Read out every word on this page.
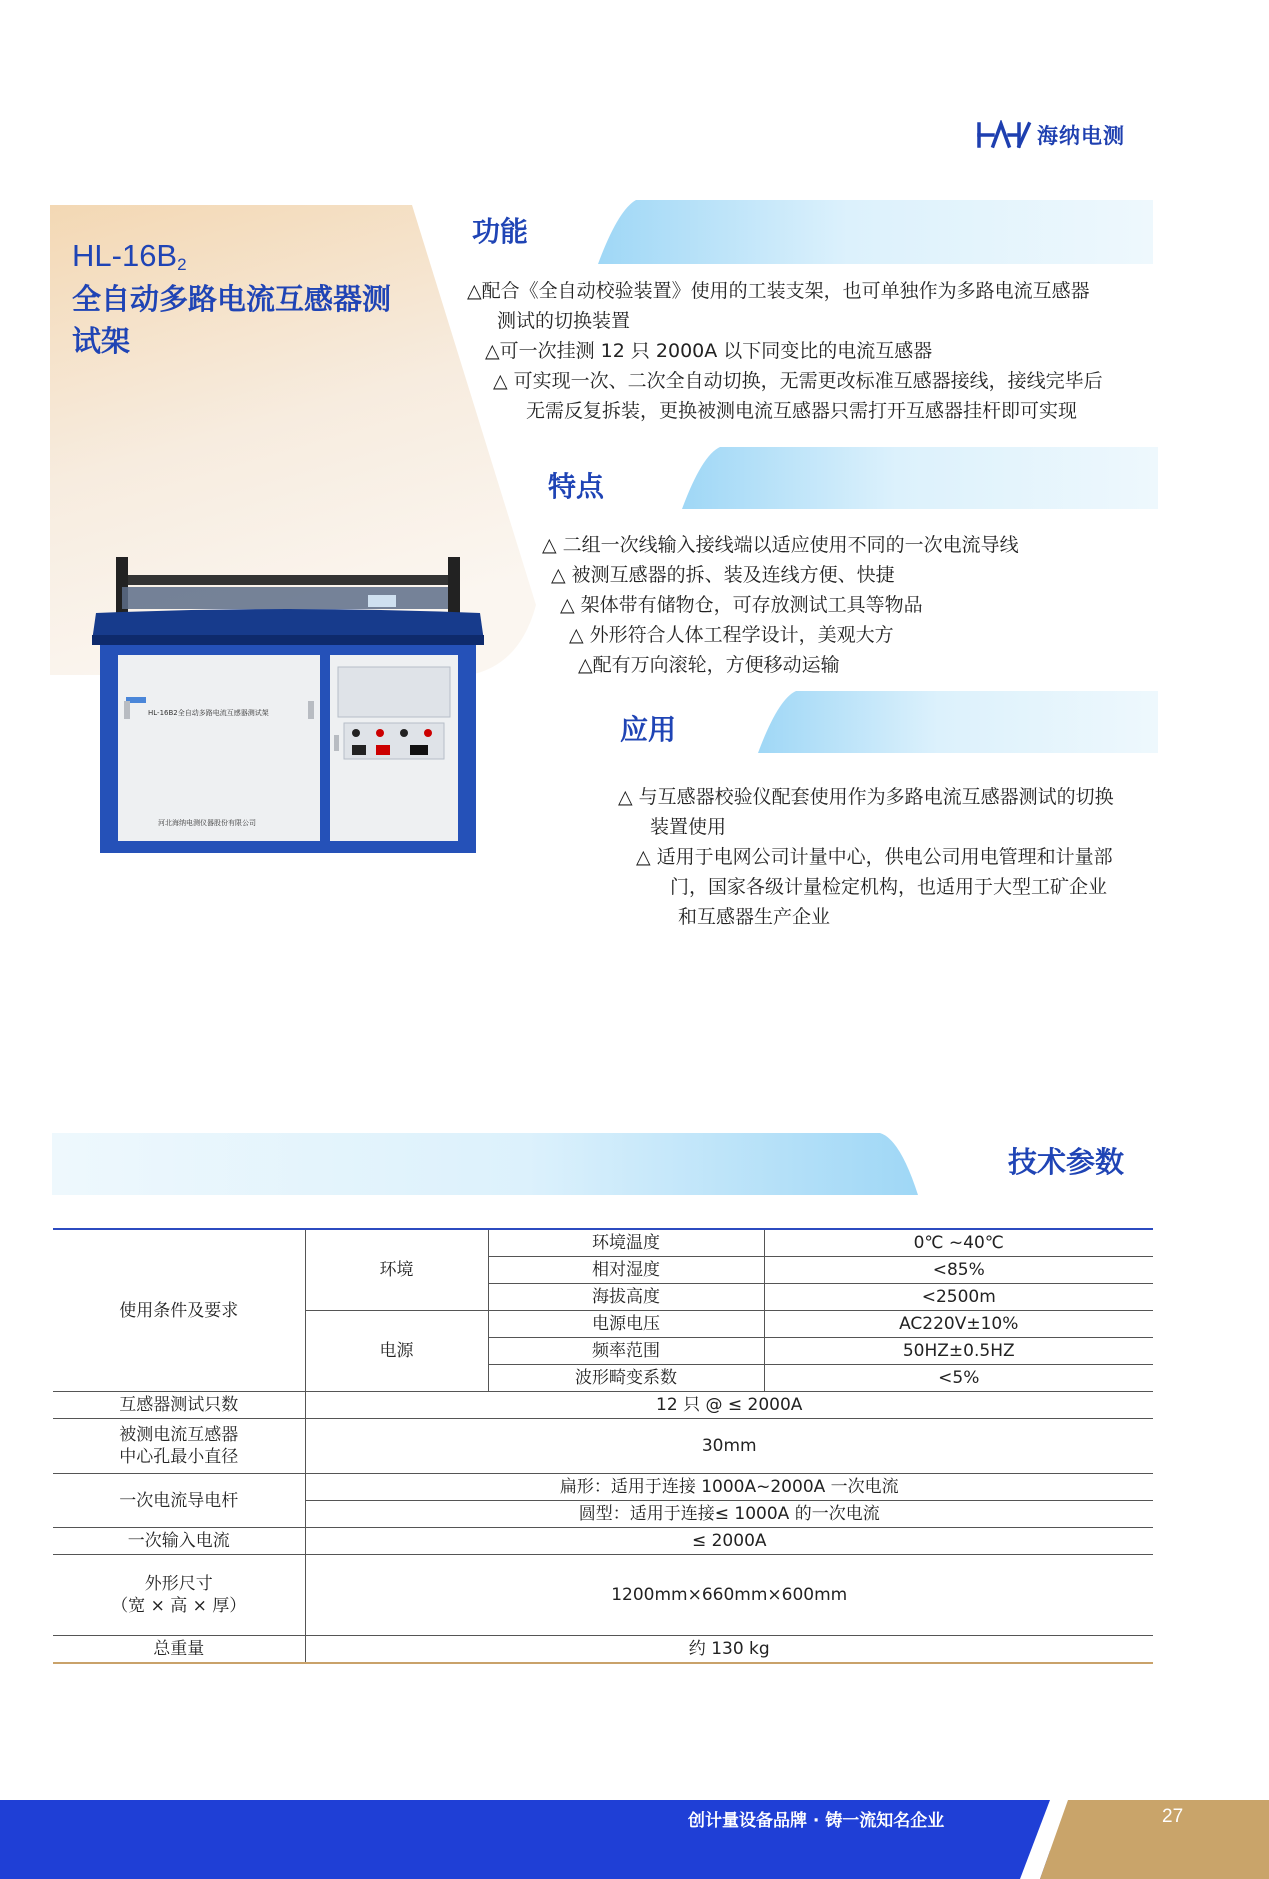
海纳电测
$HL-16B_2$
全自动多路电流互感器测试架
HL-16B2全自动多路电流互感器测试架
河北海纳电测仪器股份有限公司
功能
△配合《全自动校验装置》使用的工装支架，也可单独作为多路电流互感器
测试的切换装置
△可一次挂测 12 只 2000A 以下同变比的电流互感器
△ 可实现一次、二次全自动切换，无需更改标准互感器接线，接线完毕后
无需反复拆装，更换被测电流互感器只需打开互感器挂杆即可实现
特点
△ 二组一次线输入接线端以适应使用不同的一次电流导线
△ 被测互感器的拆、装及连线方便、快捷
△ 架体带有储物仓，可存放测试工具等物品
△ 外形符合人体工程学设计，美观大方
△配有万向滚轮，方便移动运输
应用
△ 与互感器校验仪配套使用作为多路电流互感器测试的切换
装置使用
△ 适用于电网公司计量中心，供电公司用电管理和计量部
门，国家各级计量检定机构，也适用于大型工矿企业
和互感器生产企业
技术参数
使用条件及要求	环境	环境温度	0℃ ~40℃
		相对湿度	<85%
		海拔高度	<2500m
	电源	电源电压	AC220V±10%
		频率范围	50HZ±0.5HZ
		波形畸变系数	<5%
互感器测试只数	12 只 @ ≤ 2000A		

被测电流互感器
中心孔最小直径	30mm		
一次电流导电杆	扁形：适用于连接 1000A~2000A 一次电流		
	圆型：适用于连接≤ 1000A 的一次电流		
一次输入电流	≤ 2000A		

外形尺寸
（宽 × 高 × 厚）	1200mm×660mm×600mm		
总重量	约 130 kg		
创计量设备品牌 · 铸一流知名企业	27
